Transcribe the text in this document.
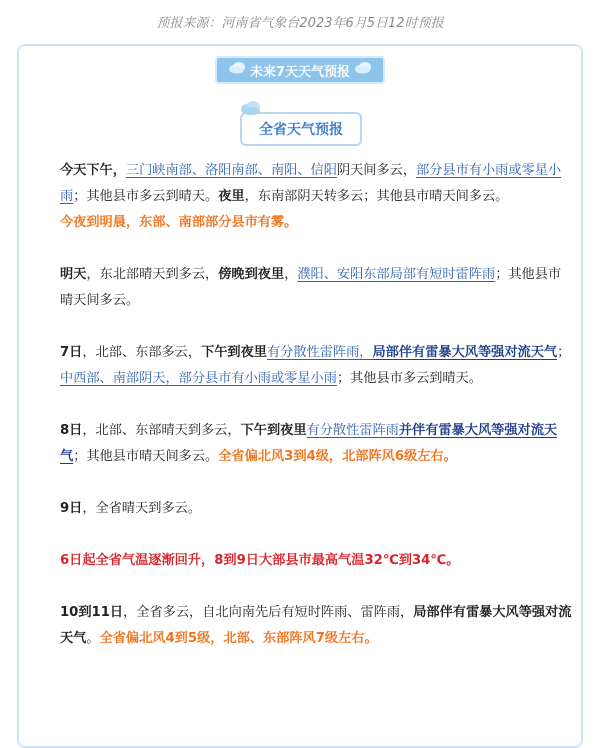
预报来源：河南省气象台2023年6月5日12时预报
未来7天天气预报
全省天气预报

今天下午，三门峡南部、洛阳南部、南阳、信阳阴天间多云，部分县市有小雨或零星小雨；其他县市多云到晴天。夜里，东南部阴天转多云；其他县市晴天间多云。
今夜到明晨，东部、南部部分县市有雾。

明天，东北部晴天到多云，傍晚到夜里，濮阳、安阳东部局部有短时雷阵雨；其他县市晴天间多云。

7日，北部、东部多云，下午到夜里有分散性雷阵雨，局部伴有雷暴大风等强对流天气；中西部、南部阴天，部分县市有小雨或零星小雨；其他县市多云到晴天。

8日，北部、东部晴天到多云，下午到夜里有分散性雷阵雨并伴有雷暴大风等强对流天气；其他县市晴天间多云。全省偏北风3到4级，北部阵风6级左右。

9日，全省晴天到多云。

6日起全省气温逐渐回升，8到9日大部县市最高气温32℃到34℃。

10到11日，全省多云，自北向南先后有短时阵雨、雷阵雨，局部伴有雷暴大风等强对流天气。全省偏北风4到5级，北部、东部阵风7级左右。
